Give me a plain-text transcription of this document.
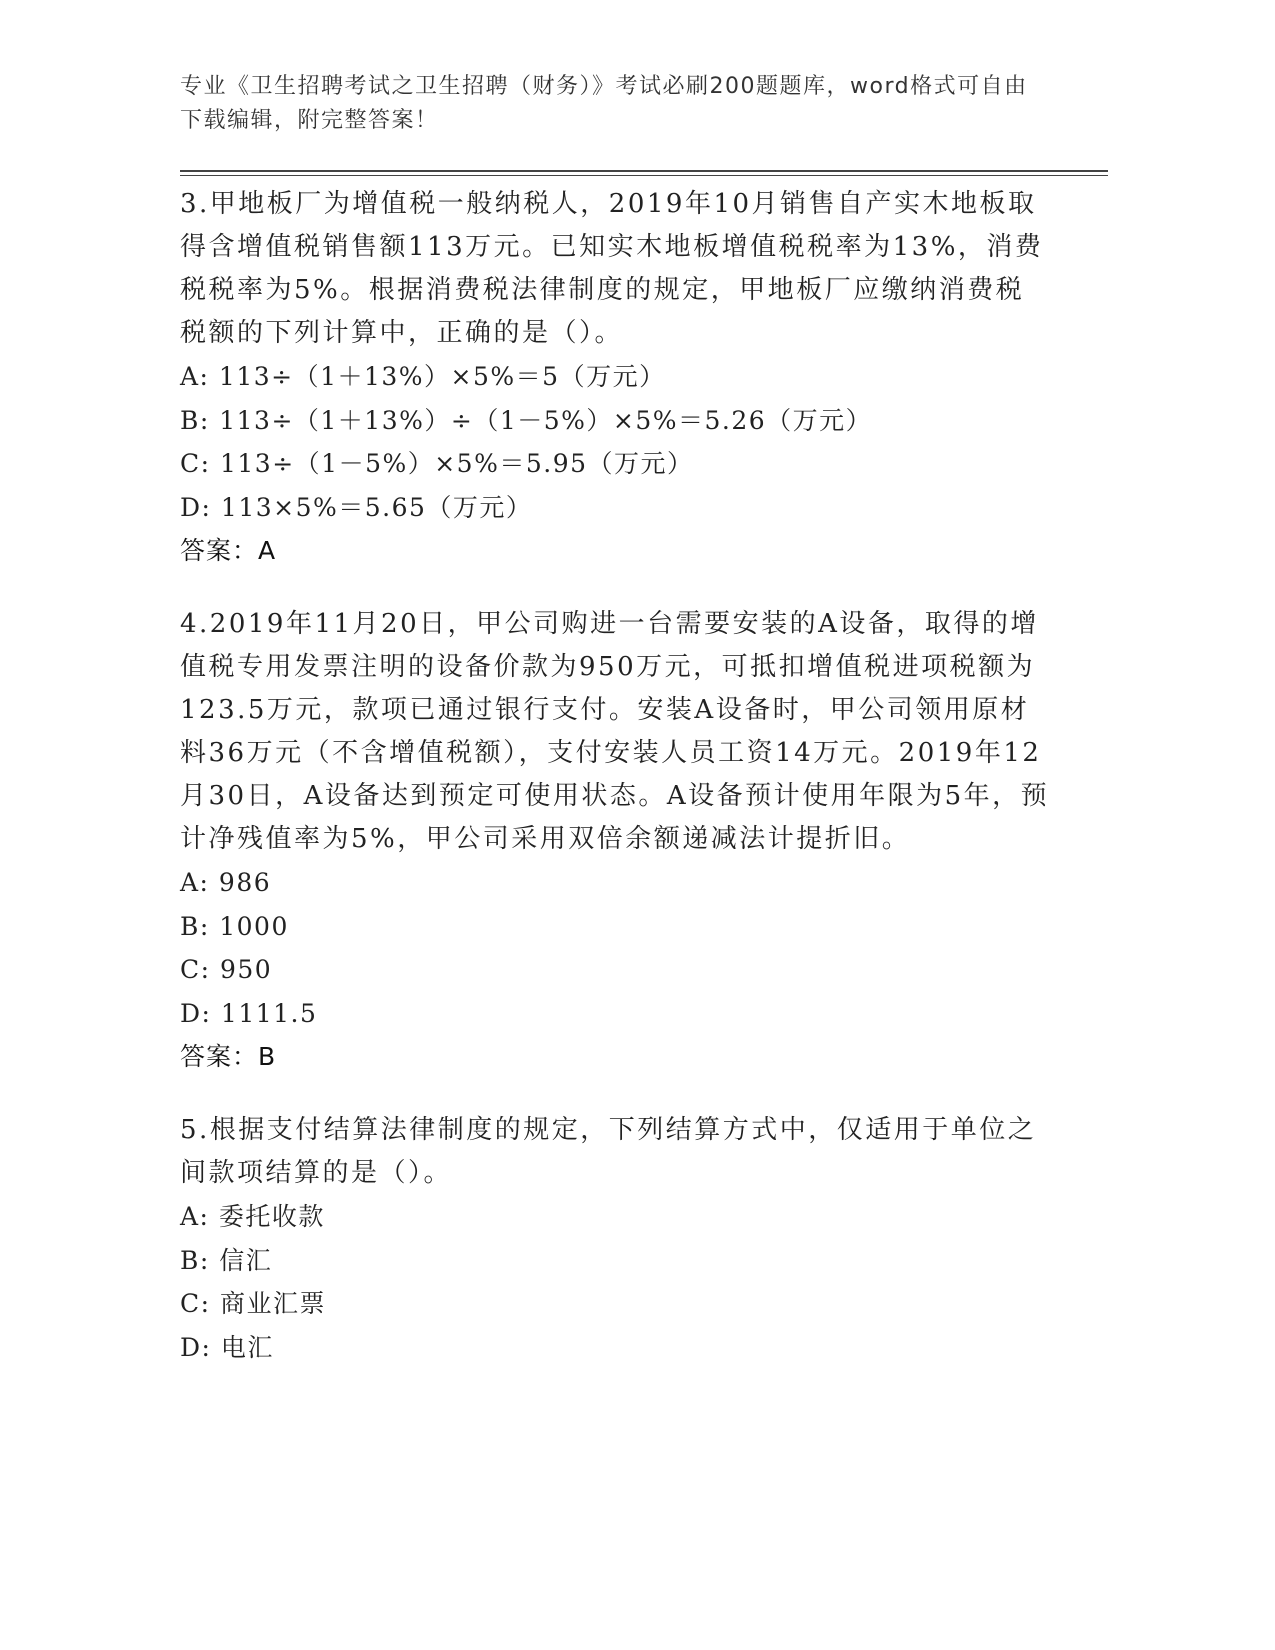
专业《卫生招聘考试之卫生招聘（财务）》考试必刷200题题库，word格式可自由下载编辑，附完整答案！
3.甲地板厂为增值税一般纳税人，2019年10月销售自产实木地板取得含增值税销售额113万元。已知实木地板增值税税率为13%，消费税税率为5%。根据消费税法律制度的规定，甲地板厂应缴纳消费税税额的下列计算中，正确的是（）。
A: 113÷（1＋13%）×5%＝5（万元）
B: 113÷（1＋13%）÷（1－5%）×5%＝5.26（万元）
C: 113÷（1－5%）×5%＝5.95（万元）
D: 113×5%＝5.65（万元）
答案：A
4.2019年11月20日，甲公司购进一台需要安装的A设备，取得的增值税专用发票注明的设备价款为950万元，可抵扣增值税进项税额为123.5万元，款项已通过银行支付。安装A设备时，甲公司领用原材料36万元（不含增值税额），支付安装人员工资14万元。2019年12月30日，A设备达到预定可使用状态。A设备预计使用年限为5年，预计净残值率为5%，甲公司采用双倍余额递减法计提折旧。
A: 986
B: 1000
C: 950
D: 1111.5
答案：B
5.根据支付结算法律制度的规定，下列结算方式中，仅适用于单位之间款项结算的是（）。
A: 委托收款
B: 信汇
C: 商业汇票
D: 电汇
